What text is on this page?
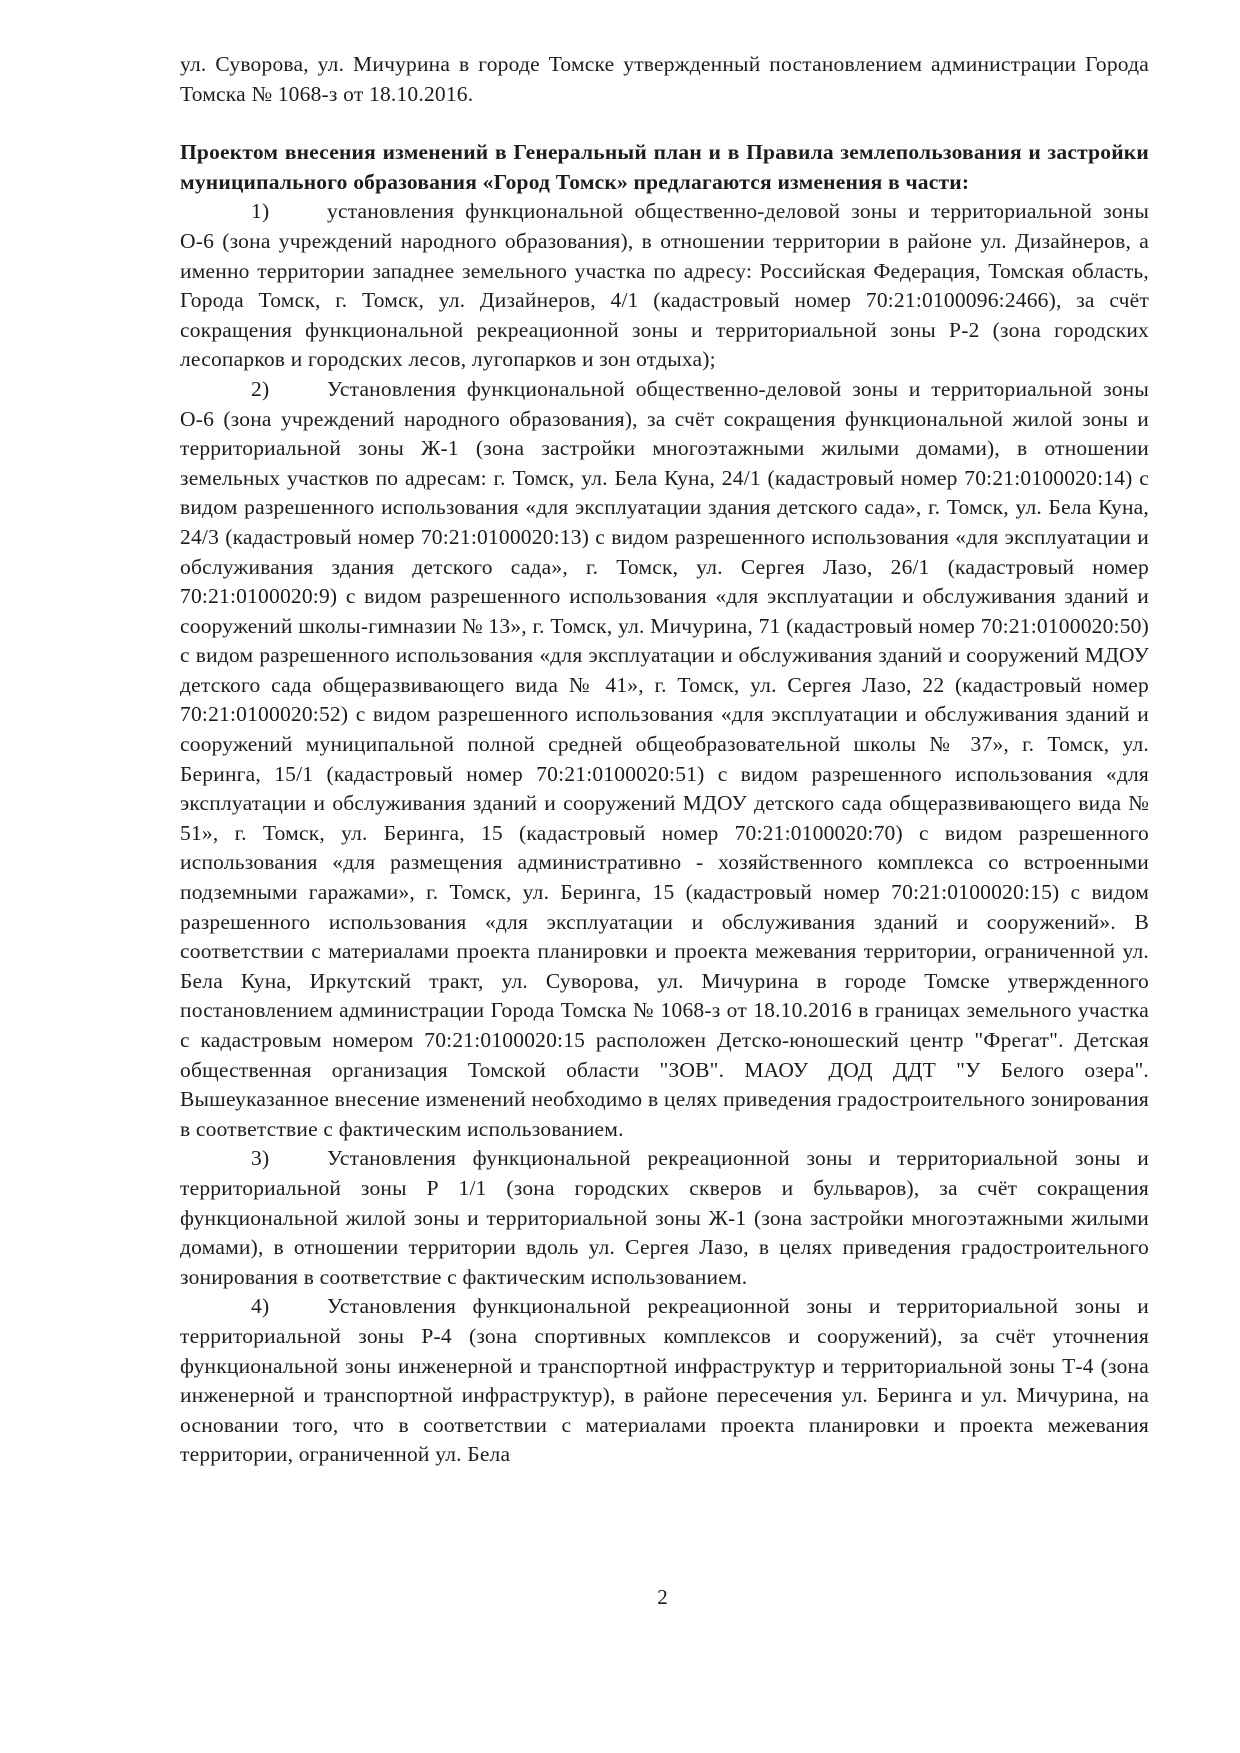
ул. Суворова, ул. Мичурина в городе Томске утвержденный постановлением администрации Города Томска № 1068-з от 18.10.2016.

Проектом внесения изменений в Генеральный план и в Правила землепользования и застройки муниципального образования «Город Томск» предлагаются изменения в части:

1)	установления функциональной общественно-деловой зоны и территориальной зоны О-6 (зона учреждений народного образования), в отношении территории в районе ул. Дизайнеров, а именно территории западнее земельного участка по адресу: Российская Федерация, Томская область, Города Томск, г. Томск, ул. Дизайнеров, 4/1 (кадастровый номер 70:21:0100096:2466), за счёт сокращения функциональной рекреационной зоны и территориальной зоны Р-2 (зона городских лесопарков и городских лесов, лугопарков и зон отдыха);

2)	Установления функциональной общественно-деловой зоны и территориальной зоны О-6 (зона учреждений народного образования), за счёт сокращения функциональной жилой зоны и территориальной зоны Ж-1 (зона застройки многоэтажными жилыми домами), в отношении земельных участков по адресам: г. Томск, ул. Бела Куна, 24/1 (кадастровый номер 70:21:0100020:14) с видом разрешенного использования «для эксплуатации здания детского сада», г. Томск, ул. Бела Куна, 24/3 (кадастровый номер 70:21:0100020:13) с видом разрешенного использования «для эксплуатации и обслуживания здания детского сада», г. Томск, ул. Сергея Лазо, 26/1 (кадастровый номер 70:21:0100020:9) с видом разрешенного использования «для эксплуатации и обслуживания зданий и сооружений школы-гимназии № 13», г. Томск, ул. Мичурина, 71 (кадастровый номер 70:21:0100020:50) с видом разрешенного использования «для эксплуатации и обслуживания зданий и сооружений МДОУ детского сада общеразвивающего вида № 41», г. Томск, ул. Сергея Лазо, 22 (кадастровый номер 70:21:0100020:52) с видом разрешенного использования «для эксплуатации и обслуживания зданий и сооружений муниципальной полной средней общеобразовательной школы № 37», г. Томск, ул. Беринга, 15/1 (кадастровый номер 70:21:0100020:51) с видом разрешенного использования «для эксплуатации и обслуживания зданий и сооружений МДОУ детского сада общеразвивающего вида № 51», г. Томск, ул. Беринга, 15 (кадастровый номер 70:21:0100020:70) с видом разрешенного использования «для размещения административно - хозяйственного комплекса со встроенными подземными гаражами», г. Томск, ул. Беринга, 15 (кадастровый номер 70:21:0100020:15) с видом разрешенного использования «для эксплуатации и обслуживания зданий и сооружений». В соответствии с материалами проекта планировки и проекта межевания территории, ограниченной ул. Бела Куна, Иркутский тракт, ул. Суворова, ул. Мичурина в городе Томске утвержденного постановлением администрации Города Томска № 1068-з от 18.10.2016 в границах земельного участка с кадастровым номером 70:21:0100020:15 расположен Детско-юношеский центр "Фрегат". Детская общественная организация Томской области "ЗОВ". МАОУ ДОД ДДТ "У Белого озера". Вышеуказанное внесение изменений необходимо в целях приведения градостроительного зонирования в соответствие с фактическим использованием.

3)	Установления функциональной рекреационной зоны и территориальной зоны и территориальной зоны Р 1/1 (зона городских скверов и бульваров), за счёт сокращения функциональной жилой зоны и территориальной зоны Ж-1 (зона застройки многоэтажными жилыми домами), в отношении территории вдоль ул. Сергея Лазо, в целях приведения градостроительного зонирования в соответствие с фактическим использованием.

4)	Установления функциональной рекреационной зоны и территориальной зоны и территориальной зоны Р-4 (зона спортивных комплексов и сооружений), за счёт уточнения функциональной зоны инженерной и транспортной инфраструктур и территориальной зоны Т-4 (зона инженерной и транспортной инфраструктур), в районе пересечения ул. Беринга и ул. Мичурина, на основании того, что в соответствии с материалами проекта планировки и проекта межевания территории, ограниченной ул. Бела

2
